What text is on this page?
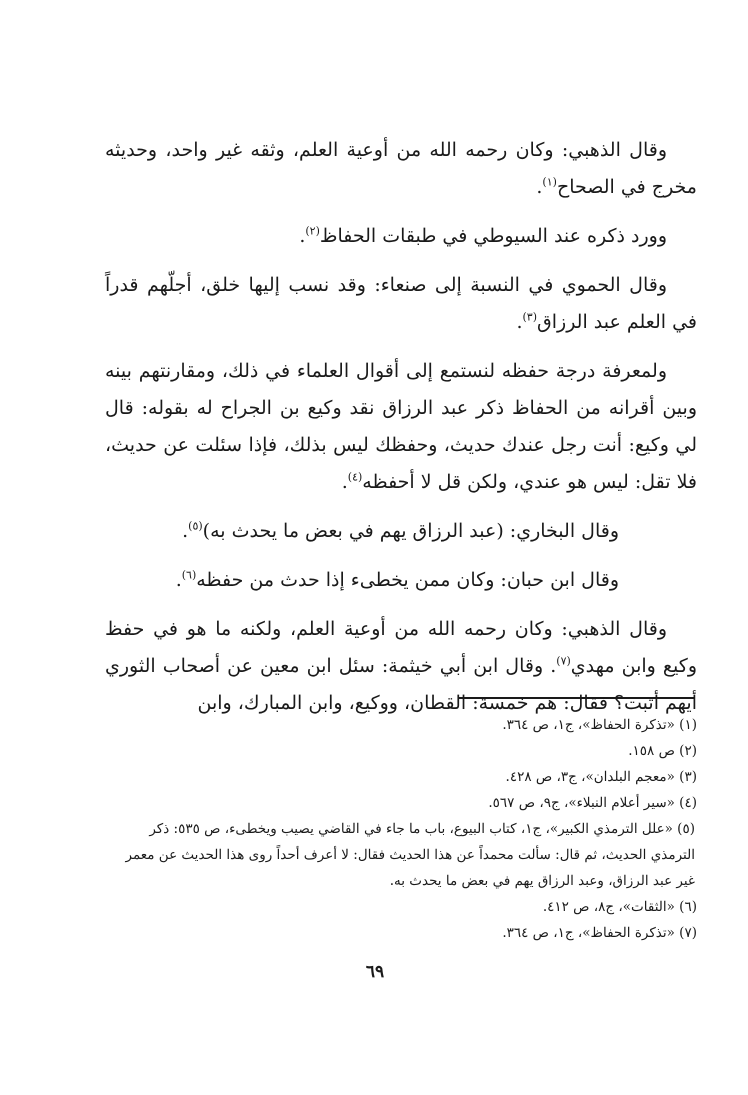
وقال الذهبي: وكان رحمه الله من أوعية العلم، وثقه غير واحد، وحديثه مخرج في الصحاح$^{(١)}$.

وورد ذكره عند السيوطي في طبقات الحفاظ$^{(٢)}$.

وقال الحموي في النسبة إلى صنعاء: وقد نسب إليها خلق، أجلّهم قدراً في العلم عبد الرزاق$^{(٣)}$.

ولمعرفة درجة حفظه لنستمع إلى أقوال العلماء في ذلك، ومقارنتهم بينه وبين أقرانه من الحفاظ ذكر عبد الرزاق نقد وكيع بن الجراح له بقوله: قال لي وكيع: أنت رجل عندك حديث، وحفظك ليس بذلك، فإذا سئلت عن حديث، فلا تقل: ليس هو عندي، ولكن قل لا أحفظه$^{(٤)}$.

وقال البخاري: (عبد الرزاق يهم في بعض ما يحدث به)$^{(٥)}$.

وقال ابن حبان: وكان ممن يخطىء إذا حدث من حفظه$^{(٦)}$.

وقال الذهبي: وكان رحمه الله من أوعية العلم، ولكنه ما هو في حفظ وكيع وابن مهدي$^{(٧)}$. وقال ابن أبي خيثمة: سئل ابن معين عن أصحاب الثوري أيهم أثبت؟ فقال: هم خمسة: القطان، ووكيع، وابن المبارك، وابن

(١) «تذكرة الحفاظ»، ج١، ص ٣٦٤.

(٢) ص ١٥٨.

(٣) «معجم البلدان»، ج٣، ص ٤٢٨.

(٤) «سير أعلام النبلاء»، ج٩، ص ٥٦٧.

(٥) «علل الترمذي الكبير»، ج١، كتاب البيوع، باب ما جاء في القاضي يصيب ويخطىء، ص ٥٣٥: ذكر الترمذي الحديث، ثم قال: سألت محمداً عن هذا الحديث فقال: لا أعرف أحداً روى هذا الحديث عن معمر غير عبد الرزاق، وعبد الرزاق يهم في بعض ما يحدث به.

(٦) «الثقات»، ج٨، ص ٤١٢.

(٧) «تذكرة الحفاظ»، ج١، ص ٣٦٤.

٦٩
